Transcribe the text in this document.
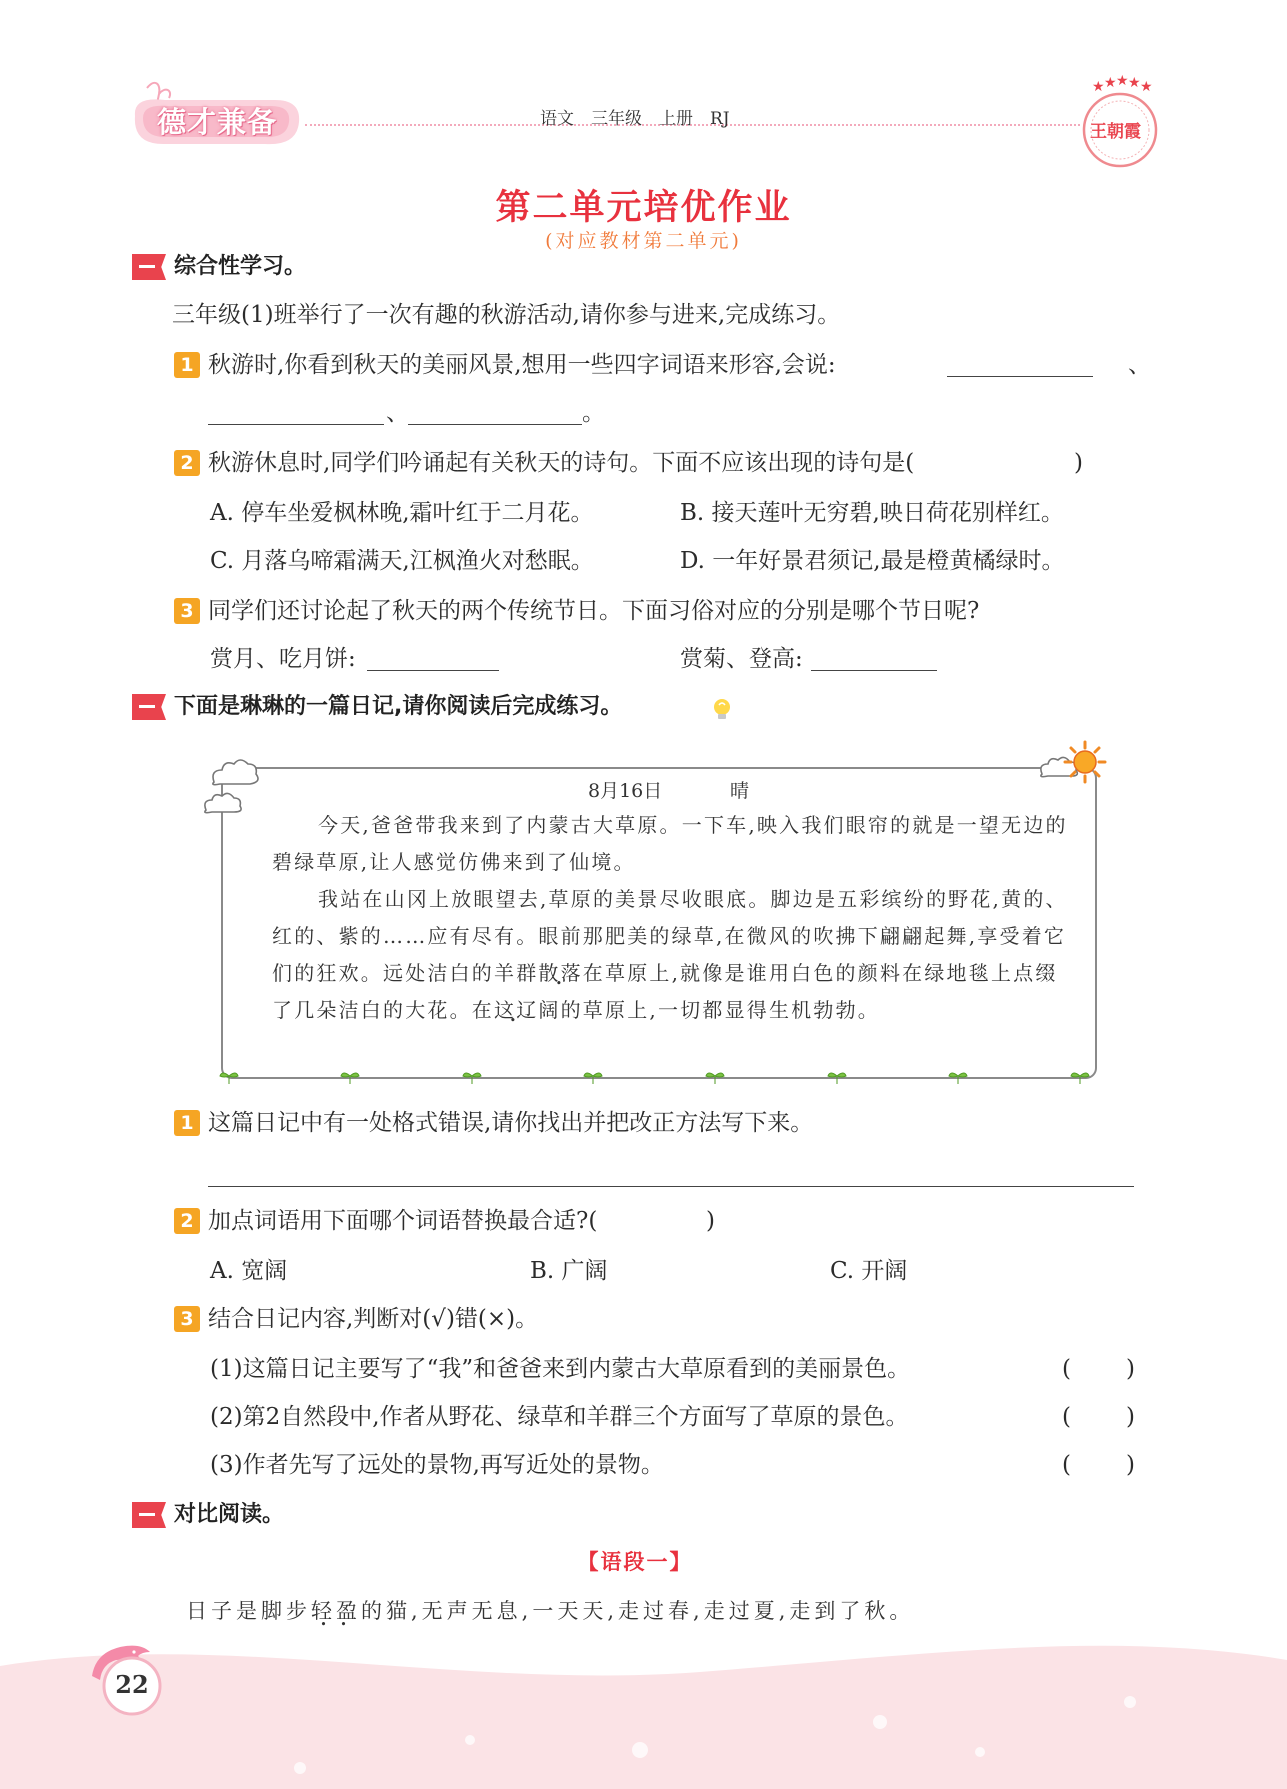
德才兼备	语文　三年级　上册　RJ
★ ★ ★ ★ ★
王朝霞
第二单元培优作业
(对应教材第二单元)
综合性学习。
三年级(1)班举行了一次有趣的秋游活动,请你参与进来,完成练习。
1 秋游时,你看到秋天的美丽风景,想用一些四字词语来形容,会说:	、
、	。
2 秋游休息时,同学们吟诵起有关秋天的诗句。下面不应该出现的诗句是(	)
A. 停车坐爱枫林晚,霜叶红于二月花。	B. 接天莲叶无穷碧,映日荷花别样红。
C. 月落乌啼霜满天,江枫渔火对愁眠。	D. 一年好景君须记,最是橙黄橘绿时。
3 同学们还讨论起了秋天的两个传统节日。下面习俗对应的分别是哪个节日呢?
赏月、吃月饼:	赏菊、登高:
下面是琳琳的一篇日记,请你阅读后完成练习。
8月16日	晴
今天,爸爸带我来到了内蒙古大草原。一下车,映入我们眼帘的就是一望无边的碧绿草原,让人感觉仿佛来到了仙境。
我站在山冈上放眼望去,草原的美景尽收眼底。脚边是五彩缤纷的野花,黄的、红的、紫的……应有尽有。眼前那肥美的绿草,在微风的吹拂下翩翩起舞,享受着它们的狂欢。远处洁白的羊群散落在草原上,就像是谁用白色的颜料在绿地毯上点缀了几朵洁白的大花。在这辽阔 • •的草原上,一切都显得生机勃勃。
1 这篇日记中有一处格式错误,请你找出并把改正方法写下来。
2 加点词语用下面哪个词语替换最合适?(	)
A. 宽阔	B. 广阔	C. 开阔
3 结合日记内容,判断对(√)错(×)。
(1)这篇日记主要写了“我”和爸爸来到内蒙古大草原看到的美丽景色。	( )
(2)第2自然段中,作者从野花、绿草和羊群三个方面写了草原的景色。	( )
(3)作者先写了远处的景物,再写近处的景物。	( )
对比阅读。
【语段一】
日子是脚步轻盈 • •的猫,无声无息,一天天,走过春,走过夏,走到了秋。
22
